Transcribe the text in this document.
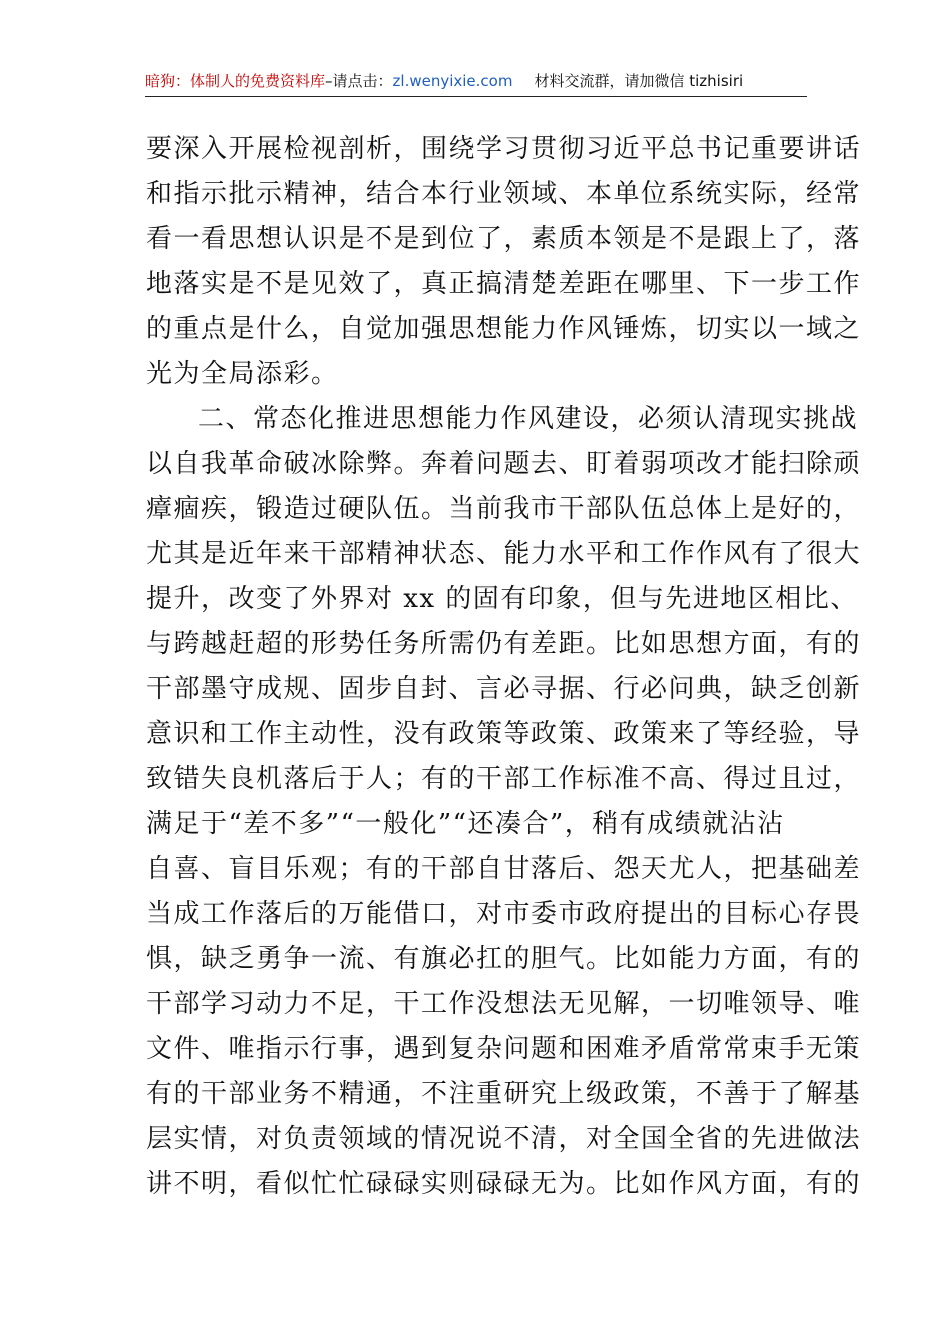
暗狗：体制人的免费资料库–请点击：zl.wenyixie.com 材料交流群，请加微信 tizhisiri
要深入开展检视剖析，围绕学习贯彻习近平总书记重要讲话
和指示批示精神，结合本行业领域、本单位系统实际，经常
看一看思想认识是不是到位了，素质本领是不是跟上了，落
地落实是不是见效了，真正搞清楚差距在哪里、下一步工作
的重点是什么，自觉加强思想能力作风锤炼，切实以一域之
光为全局添彩。
二、常态化推进思想能力作风建设，必须认清现实挑战
以自我革命破冰除弊。奔着问题去、盯着弱项改才能扫除顽
瘴痼疾，锻造过硬队伍。当前我市干部队伍总体上是好的，
尤其是近年来干部精神状态、能力水平和工作作风有了很大
提升，改变了外界对 xx 的固有印象，但与先进地区相比、
与跨越赶超的形势任务所需仍有差距。比如思想方面，有的
干部墨守成规、固步自封、言必寻据、行必问典，缺乏创新
意识和工作主动性，没有政策等政策、政策来了等经验，导
致错失良机落后于人；有的干部工作标准不高、得过且过，
满足于“差不多”“一般化”“还凑合”，稍有成绩就沾沾
自喜、盲目乐观；有的干部自甘落后、怨天尤人，把基础差
当成工作落后的万能借口，对市委市政府提出的目标心存畏
惧，缺乏勇争一流、有旗必扛的胆气。比如能力方面，有的
干部学习动力不足，干工作没想法无见解，一切唯领导、唯
文件、唯指示行事，遇到复杂问题和困难矛盾常常束手无策
有的干部业务不精通，不注重研究上级政策，不善于了解基
层实情，对负责领域的情况说不清，对全国全省的先进做法
讲不明，看似忙忙碌碌实则碌碌无为。比如作风方面，有的
